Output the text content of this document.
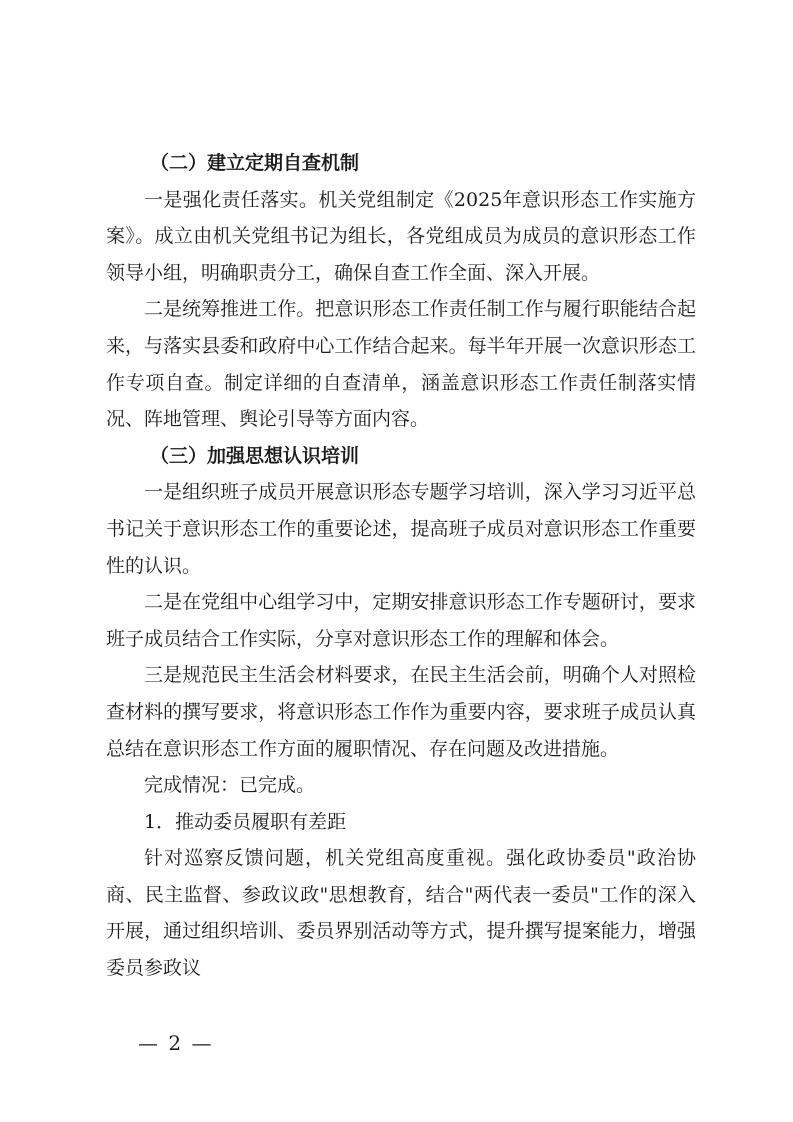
（二）建立定期自查机制

一是强化责任落实。机关党组制定《2025年意识形态工作实施方案》。成立由机关党组书记为组长，各党组成员为成员的意识形态工作领导小组，明确职责分工，确保自查工作全面、深入开展。

二是统筹推进工作。把意识形态工作责任制工作与履行职能结合起来，与落实县委和政府中心工作结合起来。每半年开展一次意识形态工作专项自查。制定详细的自查清单，涵盖意识形态工作责任制落实情况、阵地管理、舆论引导等方面内容。

（三）加强思想认识培训

一是组织班子成员开展意识形态专题学习培训，深入学习习近平总书记关于意识形态工作的重要论述，提高班子成员对意识形态工作重要性的认识。

二是在党组中心组学习中，定期安排意识形态工作专题研讨，要求班子成员结合工作实际，分享对意识形态工作的理解和体会。

三是规范民主生活会材料要求，在民主生活会前，明确个人对照检查材料的撰写要求，将意识形态工作作为重要内容，要求班子成员认真总结在意识形态工作方面的履职情况、存在问题及改进措施。

完成情况：已完成。

1．推动委员履职有差距

针对巡察反馈问题，机关党组高度重视。强化政协委员"政治协商、民主监督、参政议政"思想教育，结合"两代表一委员"工作的深入开展，通过组织培训、委员界别活动等方式，提升撰写提案能力，增强委员参政议

— 2 —
